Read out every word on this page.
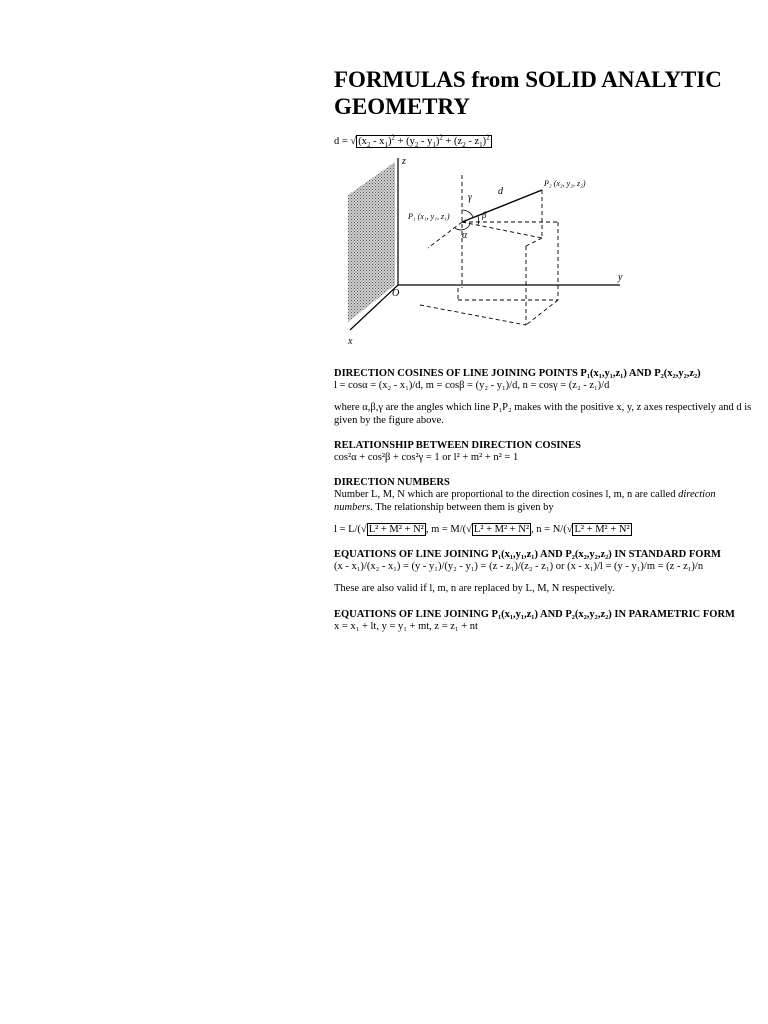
FORMULAS from SOLID ANALYTIC GEOMETRY
d = √ $(x_2 - x_1)^2 + (y_2 - y_1)^2 + (z_2 - z_1)^2$
z
y
x
O
P₁ (x₁, y₁, z₁)
P₂ (x₂, y₂, z₂)
d
γ
β
α
DIRECTION COSINES OF LINE JOINING POINTS P₁(x₁,y₁,z₁) AND P₂(x₂,y₂,z₂)
l = cosα = (x₂ - x₁)/d, m = cosβ = (y₂ - y₁)/d, n = cosγ = (z₂ - z₁)/d
where α,β,γ are the angles which line P₁P₂ makes with the positive x, y, z axes respectively and d is given by the figure above.
RELATIONSHIP BETWEEN DIRECTION COSINES
cos²α + cos²β + cos²γ = 1 or l² + m² + n² = 1
DIRECTION NUMBERS
Number L, M, N which are proportional to the direction cosines l, m, n are called direction numbers. The relationship between them is given by
l = L/(√ L² + M² + N² , m = M/(√ L² + M² + N² , n = N/(√ L² + M² + N²
EQUATIONS OF LINE JOINING P₁(x₁,y₁,z₁) AND P₂(x₂,y₂,z₂) IN STANDARD FORM
(x - x₁)/(x₂ - x₁) = (y - y₁)/(y₂ - y₁) = (z - z₁)/(z₂ - z₁) or (x - x₁)/l = (y - y₁)/m = (z - z₁)/n
These are also valid if l, m, n are replaced by L, M, N respectively.
EQUATIONS OF LINE JOINING P₁(x₁,y₁,z₁) AND P₂(x₂,y₂,z₂) IN PARAMETRIC FORM
x = x₁ + lt, y = y₁ + mt, z = z₁ + nt
